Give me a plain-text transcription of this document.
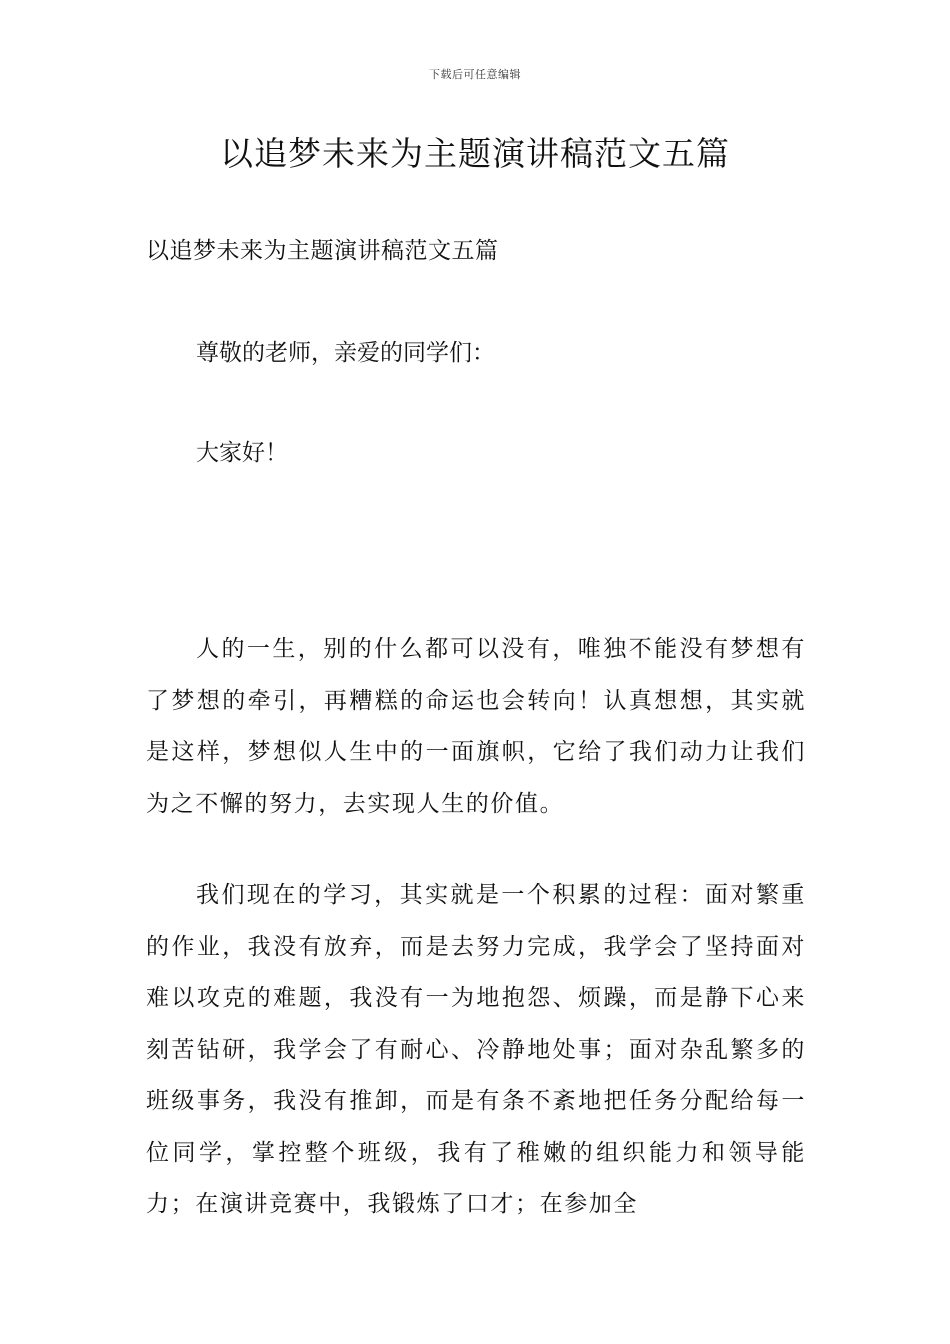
下载后可任意编辑
以追梦未来为主题演讲稿范文五篇

以追梦未来为主题演讲稿范文五篇

尊敬的老师，亲爱的同学们：

大家好！

人的一生，别的什么都可以没有，唯独不能没有梦想有了梦想的牵引，再糟糕的命运也会转向！认真想想，其实就是这样，梦想似人生中的一面旗帜，它给了我们动力让我们为之不懈的努力，去实现人生的价值。

我们现在的学习，其实就是一个积累的过程：面对繁重的作业，我没有放弃，而是去努力完成，我学会了坚持面对难以攻克的难题，我没有一为地抱怨、烦躁，而是静下心来刻苦钻研，我学会了有耐心、冷静地处事；面对杂乱繁多的班级事务，我没有推卸，而是有条不紊地把任务分配给每一位同学，掌控整个班级，我有了稚嫩的组织能力和领导能力；在演讲竞赛中，我锻炼了口才；在参加全
